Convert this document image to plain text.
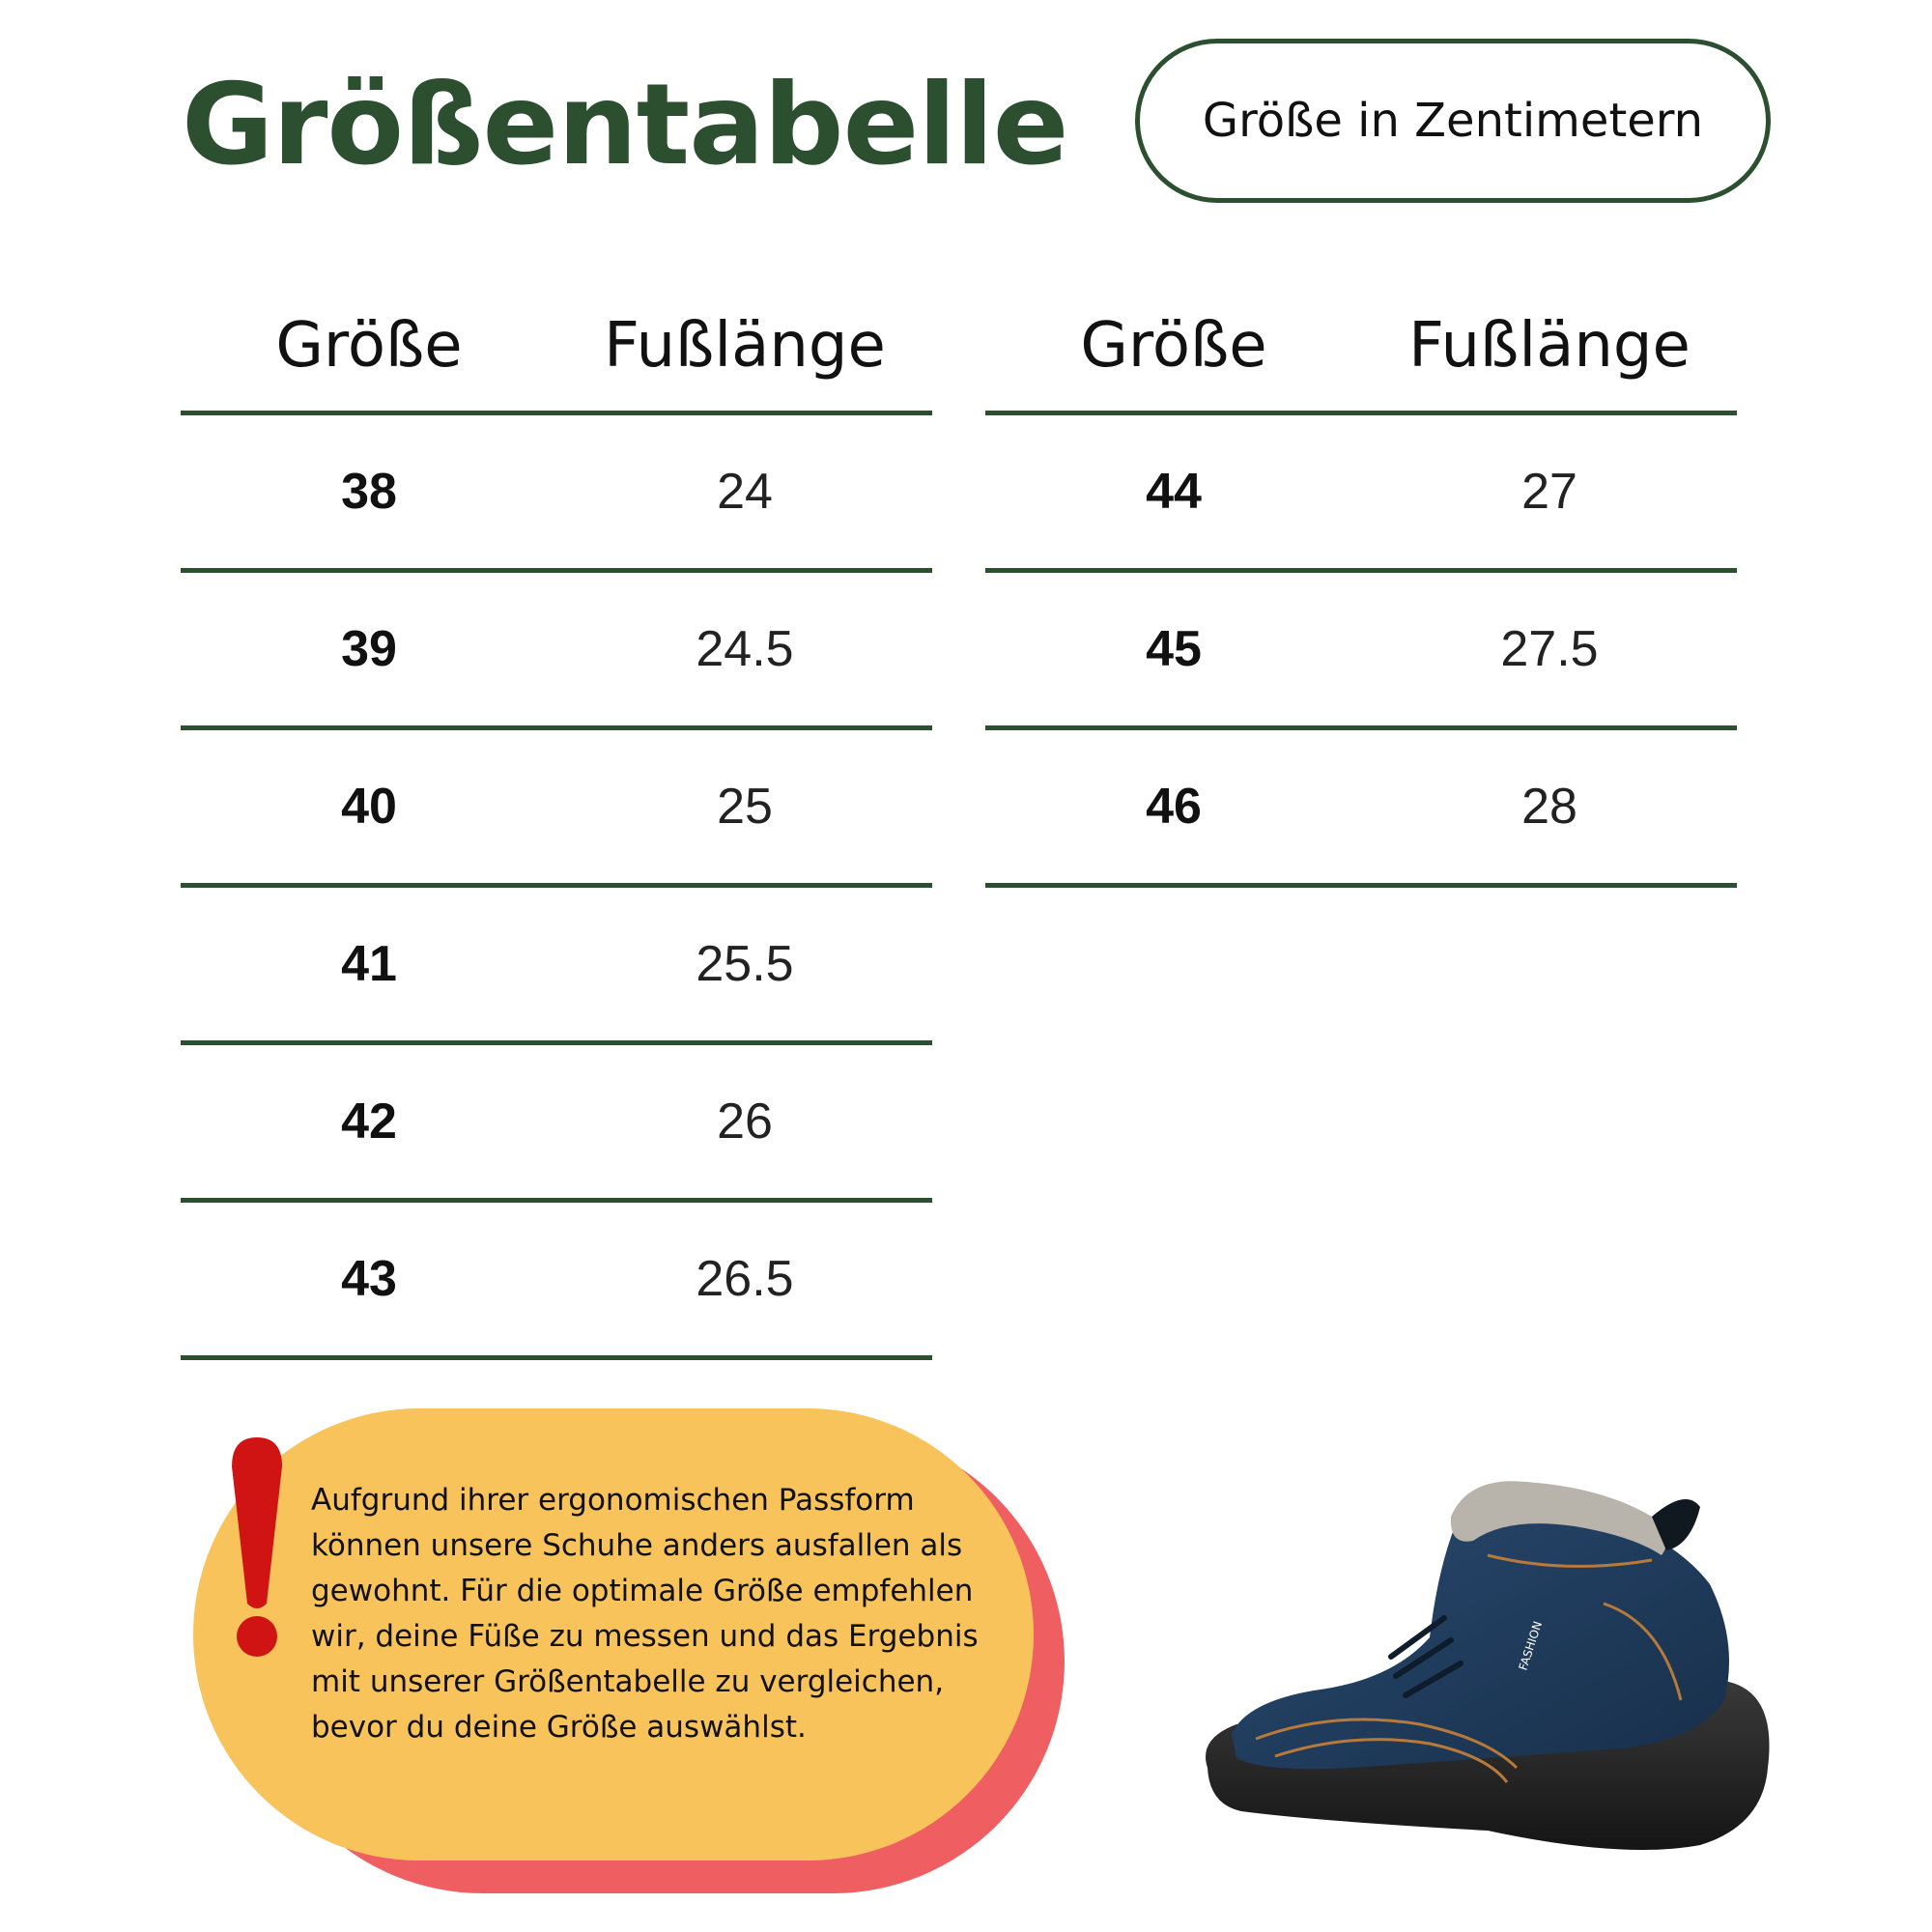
Größentabelle	Größe in Zentimetern
Größe	Fußlänge
38	24
39	24.5
40	25
41	25.5
42	26
43	26.5
Größe	Fußlänge
44	27
45	27.5
46	28

Aufgrund ihrer ergonomischen Passform können unsere Schuhe anders ausfallen als gewohnt. Für die optimale Größe empfehlen wir, deine Füße zu messen und das Ergebnis mit unserer Größentabelle zu vergleichen, bevor du deine Größe auswählst.

FASHION
